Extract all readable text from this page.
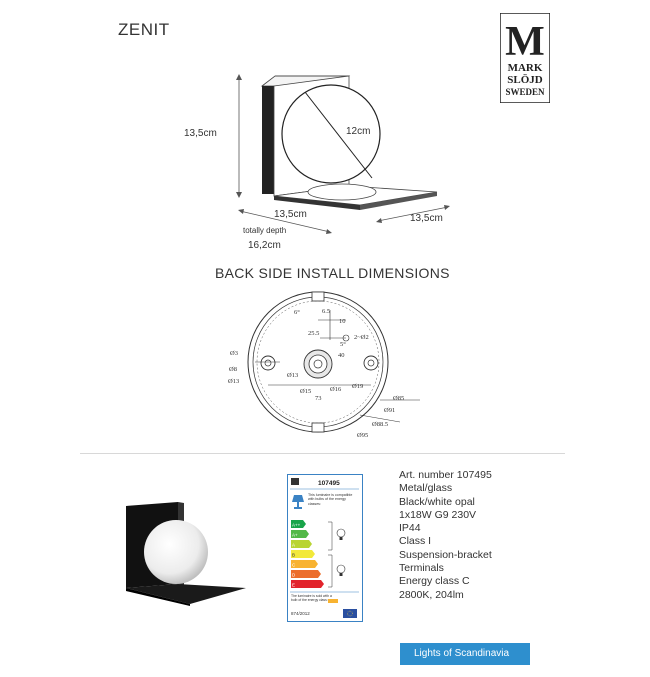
ZENIT	M
MARK
SLÖJD
SWEDEN
13,5cm	12cm
13,5cm	13,5cm
totally depth
16,2cm
BACK SIDE INSTALL DIMENSIONS
6°	6.5
10
25.5
5°
2~Ø2
40
Ø3
Ø8
Ø13
Ø13
Ø15	Ø16 Ø19
73	Ø85
Ø91
Ø88.5
Ø95
107495
This luminaire is compatible with bulbs of the energy classes:
A++
A+
A
B
C
D
E
The luminaire is sold with a bulb of the energy class:
874/2012
Art. number 107495
Metal/glass
Black/white opal
1x18W G9 230V
IP44
Class I
Suspension-bracket
Terminals
Energy class C
2800K, 204lm
Lights of Scandinavia
